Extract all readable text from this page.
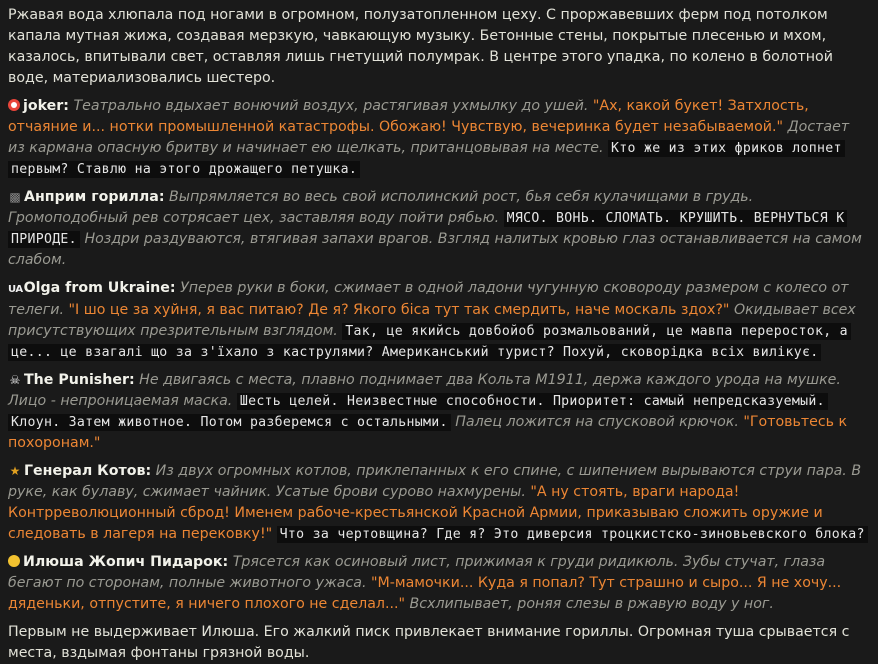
Ржавая вода хлюпала под ногами в огромном, полузатопленном цеху. С проржавевших ферм под потолком капала мутная жижа, создавая мерзкую, чавкающую музыку. Бетонные стены, покрытые плесенью и мхом, казалось, впитывали свет, оставляя лишь гнетущий полумрак. В центре этого упадка, по колено в болотной воде, материализовались шестеро.

joker: Театрально вдыхает вонючий воздух, растягивая ухмылку до ушей. "Ах, какой букет! Затхлость, отчаяние и... нотки промышленной катастрофы. Обожаю! Чувствую, вечеринка будет незабываемой." Достает из кармана опасную бритву и начинает ею щелкать, пританцовывая на месте. Кто же из этих фриков лопнет первым? Ставлю на этого дрожащего петушка.

▩ Анприм горилла: Выпрямляется во весь свой исполинский рост, бья себя кулачищами в грудь. Громоподобный рев сотрясает цех, заставляя воду пойти рябью. МЯСО. ВОНЬ. СЛОМАТЬ. КРУШИТЬ. ВЕРНУТЬСЯ К ПРИРОДЕ. Ноздри раздуваются, втягивая запахи врагов. Взгляд налитых кровью глаз останавливается на самом слабом.

UAOlga from Ukraine: Уперев руки в боки, сжимает в одной ладони чугунную сковороду размером с колесо от телеги. "І шо це за хуйня, я вас питаю? Де я? Якого біса тут так смердить, наче москаль здох?" Окидывает всех присутствующих презрительным взглядом. Так, це якийсь довбойоб розмальований, це мавпа переросток, а це... це взагалі що за з'їхало з каструлями? Американський турист? Похуй, сковорідка всіх вилікує.

☠ The Punisher: Не двигаясь с места, плавно поднимает два Кольта M1911, держа каждого урода на мушке. Лицо - непроницаемая маска. Шесть целей. Неизвестные способности. Приоритет: самый непредсказуемый. Клоун. Затем животное. Потом разберемся с остальными. Палец ложится на спусковой крючок. "Готовьтесь к похоронам."

★ Генерал Котов: Из двух огромных котлов, приклепанных к его спине, с шипением вырываются струи пара. В руке, как булаву, сжимает чайник. Усатые брови сурово нахмурены. "А ну стоять, враги народа! Контрреволюционный сброд! Именем рабоче-крестьянской Красной Армии, приказываю сложить оружие и следовать в лагеря на перековку!" Что за чертовщина? Где я? Это диверсия троцкистско-зиновьевского блока?

Илюша Жопич Пидарок: Трясется как осиновый лист, прижимая к груди ридикюль. Зубы стучат, глаза бегают по сторонам, полные животного ужаса. "М-мамочки... Куда я попал? Тут страшно и сыро... Я не хочу... дяденьки, отпустите, я ничего плохого не сделал..." Всхлипывает, роняя слезы в ржавую воду у ног.

Первым не выдерживает Илюша. Его жалкий писк привлекает внимание гориллы. Огромная туша срывается с места, вздымая фонтаны грязной воды.
